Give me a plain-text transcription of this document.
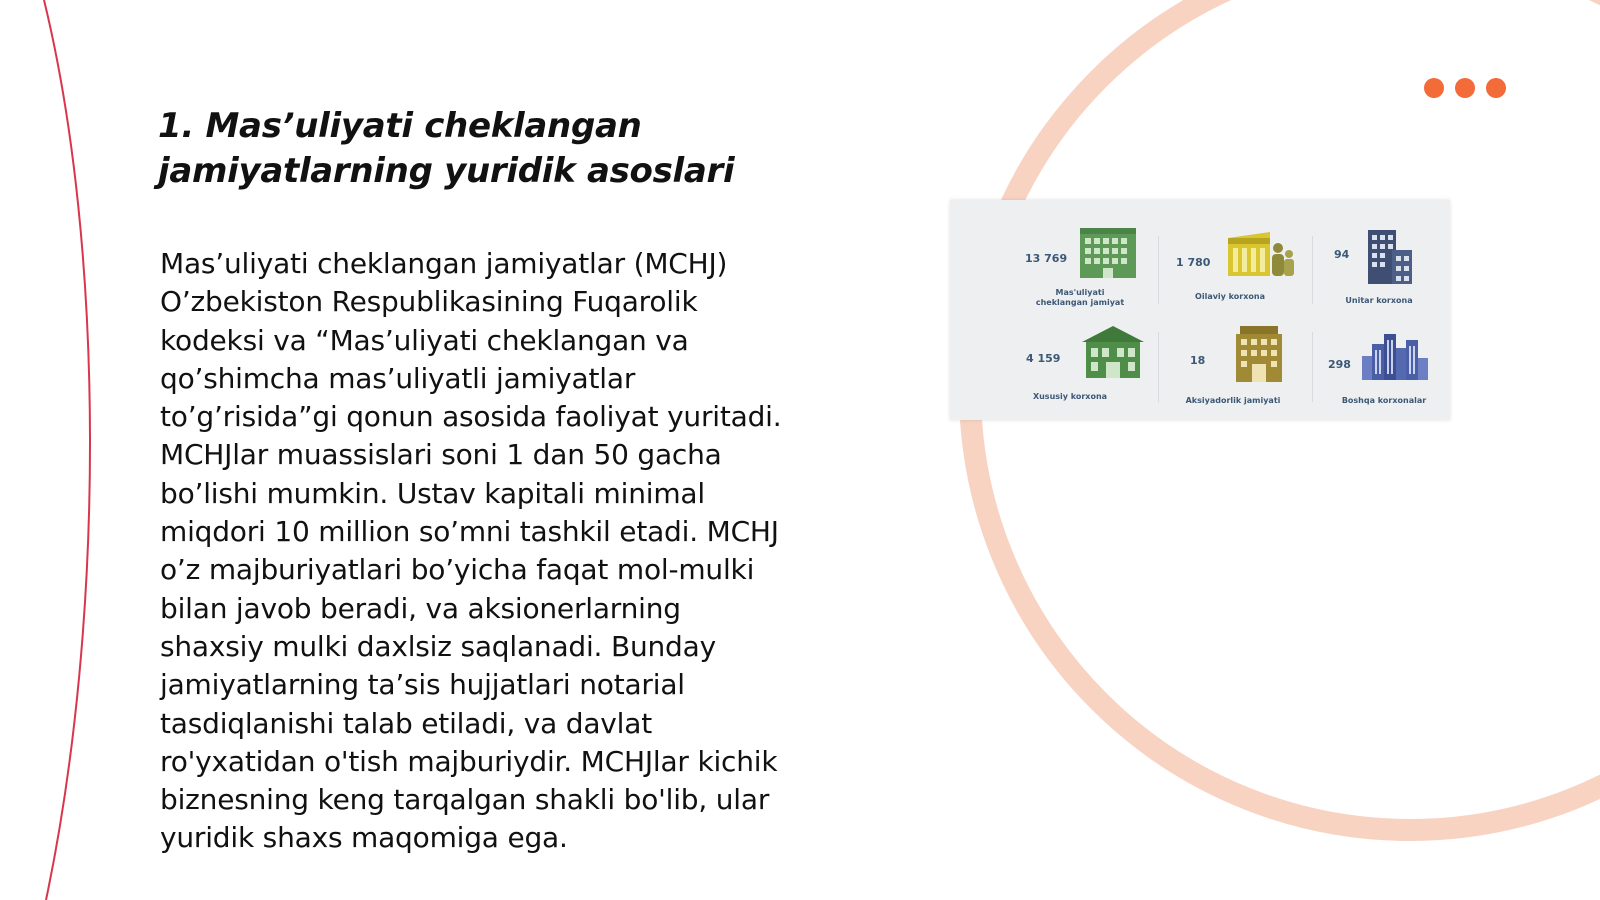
1. Mas’uliyati cheklangan
jamiyatlarning yuridik asoslari
Mas’uliyati cheklangan jamiyatlar (MCHJ)
O’zbekiston Respublikasining Fuqarolik
kodeksi va “Mas’uliyati cheklangan va
qo’shimcha mas’uliyatli jamiyatlar
to’g’risida”gi qonun asosida faoliyat yuritadi.
MCHJlar muassislari soni 1 dan 50 gacha
bo’lishi mumkin. Ustav kapitali minimal
miqdori 10 million so’mni tashkil etadi. MCHJ
o’z majburiyatlari bo’yicha faqat mol-mulki
bilan javob beradi, va aksionerlarning
shaxsiy mulki daxlsiz saqlanadi. Bunday
jamiyatlarning ta’sis hujjatlari notarial
tasdiqlanishi talab etiladi, va davlat
ro'yxatidan o'tish majburiydir. MCHJlar kichik
biznesning keng tarqalgan shakli bo'lib, ular
yuridik shaxs maqomiga ega.
13 769
Mas'uliyati cheklangan jamiyat
1 780
Oilaviy korxona
94
Unitar korxona
4 159
Xususiy korxona
18
Aksiyadorlik jamiyati
298
Boshqa korxonalar
